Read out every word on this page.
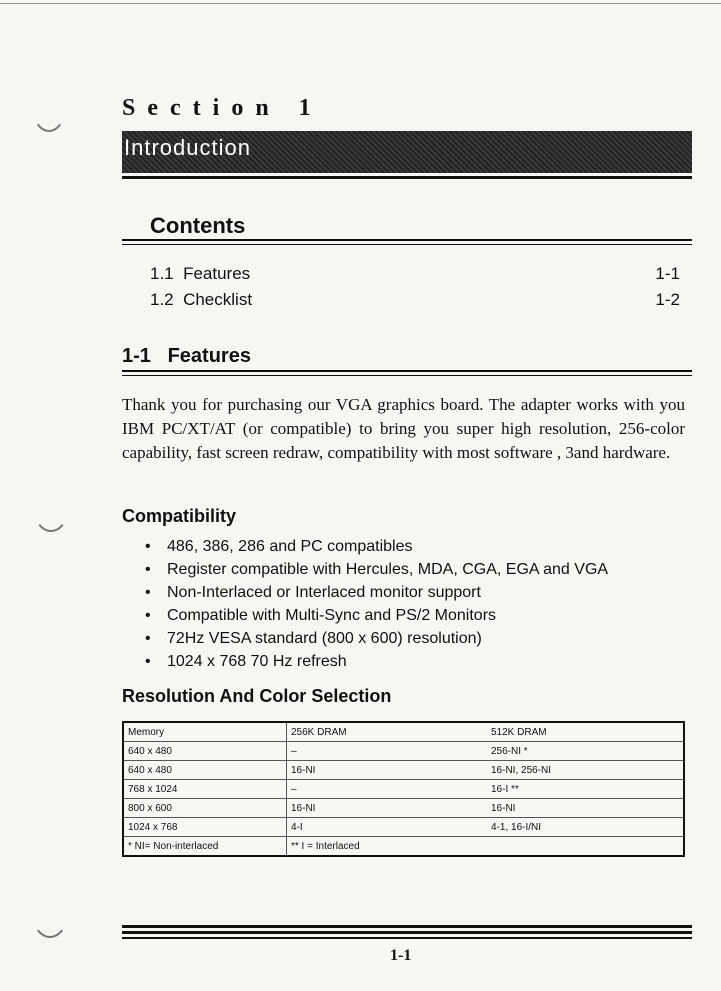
Section 1
Introduction
Contents
1.1  Features	1-1
1.2  Checklist	1-2
1-1   Features
Thank you for purchasing our VGA graphics board. The adapter works with you IBM PC/XT/AT (or compatible) to bring you super high resolution, 256-color capability, fast screen redraw, compatibility with most software , 3and hardware.
Compatibility
• 486, 386, 286 and PC compatibles
• Register compatible with Hercules, MDA, CGA, EGA and VGA
• Non-Interlaced or Interlaced monitor support
• Compatible with Multi-Sync and PS/2 Monitors
• 72Hz VESA standard (800 x 600) resolution)
• 1024 x 768 70 Hz refresh
Resolution And Color Selection
Memory	256K DRAM	512K DRAM
640 x 480	–	256-NI *
640 x 480	16-NI	16-NI, 256-NI
768 x 1024	–	16-I **
800 x 600	16-NI	16-NI
1024 x 768	4-I	4-1, 16-I/NI
* NI= Non-interlaced	** I = Interlaced	
1-1
